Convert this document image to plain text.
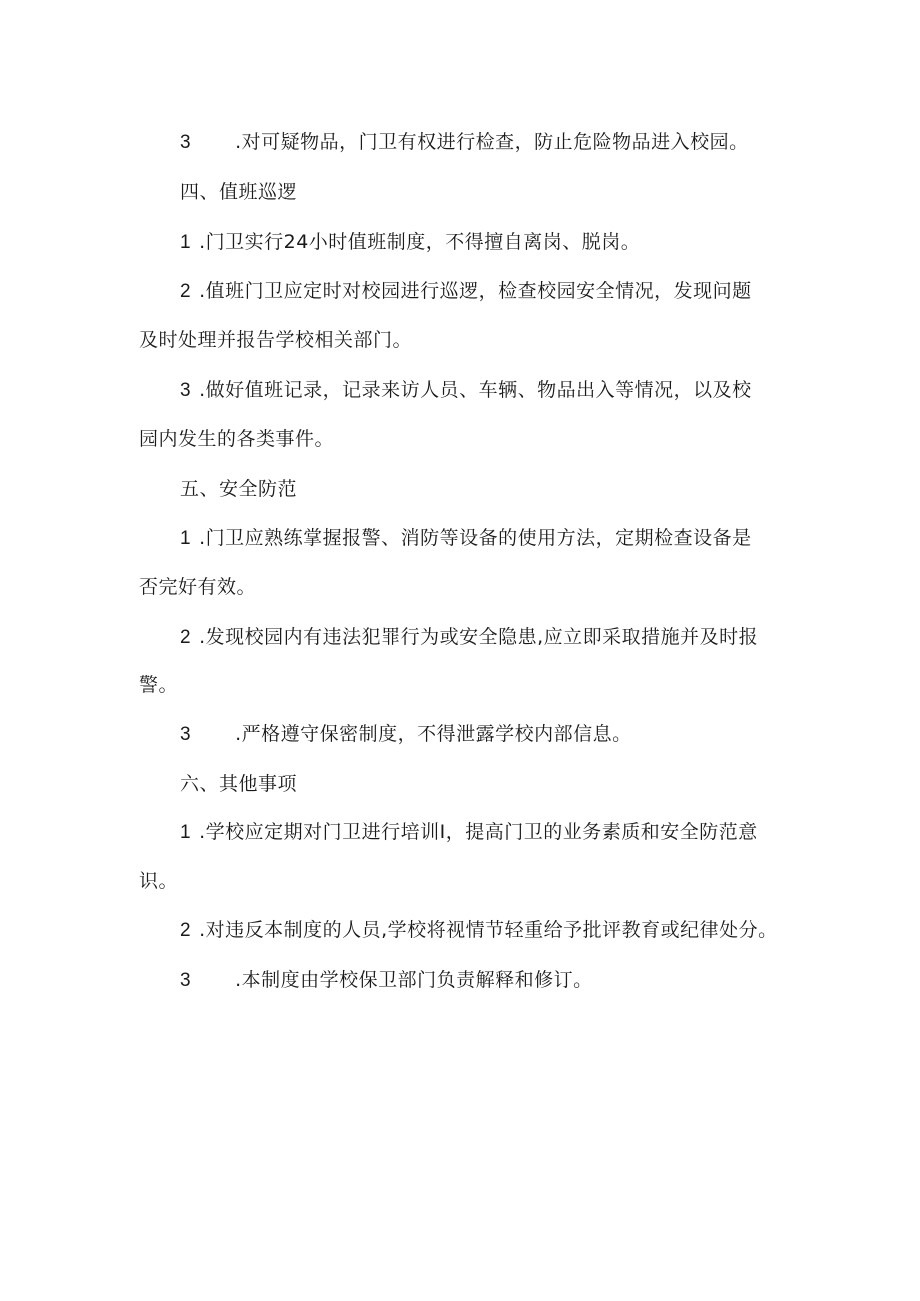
3 .对可疑物品，门卫有权进行检查，防止危险物品进入校园。
四、值班巡逻
1 .门卫实行24小时值班制度，不得擅自离岗、脱岗。
2 .值班门卫应定时对校园进行巡逻，检查校园安全情况，发现问题
及时处理并报告学校相关部门。
3 .做好值班记录，记录来访人员、车辆、物品出入等情况，以及校
园内发生的各类事件。
五、安全防范
1 .门卫应熟练掌握报警、消防等设备的使用方法，定期检查设备是
否完好有效。
2 .发现校园内有违法犯罪行为或安全隐患,应立即采取措施并及时报
警。
3 .严格遵守保密制度，不得泄露学校内部信息。
六、其他事项
1 .学校应定期对门卫进行培训I，提高门卫的业务素质和安全防范意
识。
2 .对违反本制度的人员,学校将视情节轻重给予批评教育或纪律处分。
3 .本制度由学校保卫部门负责解释和修订。
